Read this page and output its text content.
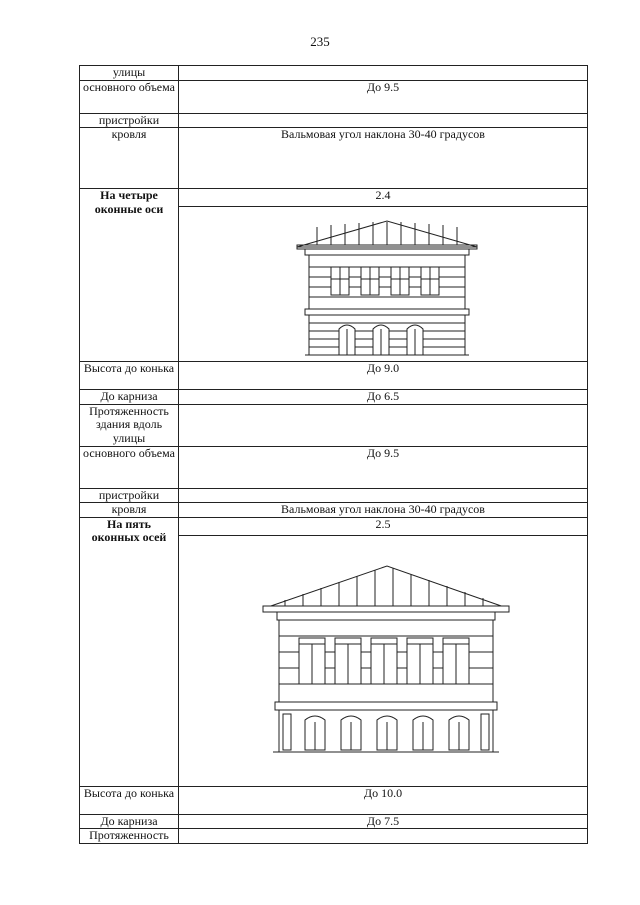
235
улицы	
основного объема	До 9.5
пристройки	
кровля	Вальмовая угол наклона 30-40 градусов
На четыре оконные оси	2.4

Высота до конька	До 9.0
До карниза	До 6.5
Протяженность здания вдоль улицы	
основного объема	До 9.5
пристройки	
кровля	Вальмовая угол наклона 30-40 градусов
На пять оконных осей	2.5

Высота до конька	До 10.0
До карниза	До 7.5
Протяженность	
